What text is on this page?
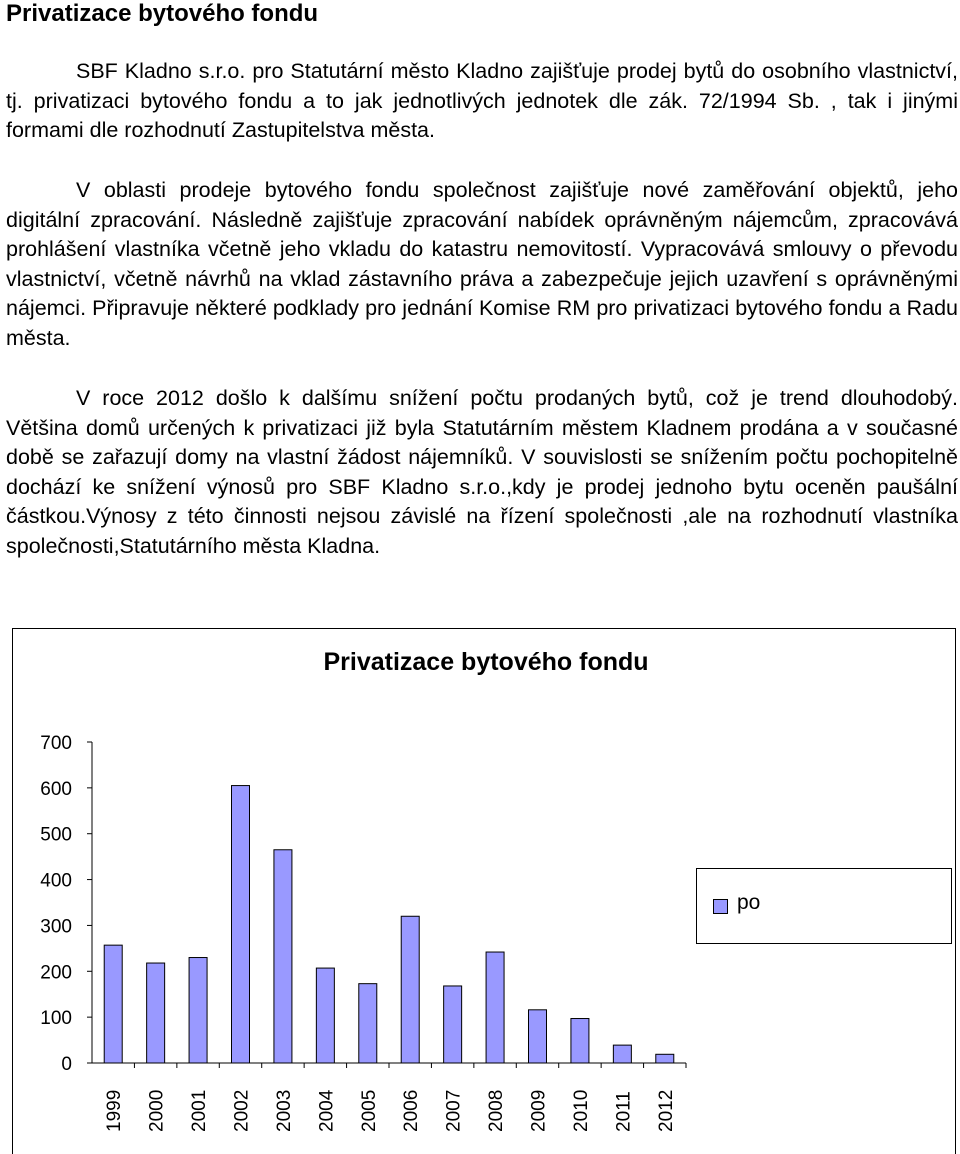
Privatizace bytového fondu

SBF Kladno s.r.o. pro Statutární město Kladno zajišťuje prodej bytů do osobního vlastnictví, tj. privatizaci bytového fondu a to jak jednotlivých jednotek dle zák. 72/1994 Sb. , tak i jinými formami dle rozhodnutí Zastupitelstva města.

V oblasti prodeje bytového fondu společnost zajišťuje nové zaměřování objektů, jeho digitální zpracování. Následně zajišťuje zpracování nabídek oprávněným nájemcům, zpracovává prohlášení vlastníka včetně jeho vkladu do katastru nemovitostí. Vypracovává smlouvy o převodu vlastnictví, včetně návrhů na vklad zástavního práva a zabezpečuje jejich uzavření s oprávněnými nájemci. Připravuje některé podklady pro jednání Komise RM pro privatizaci bytového fondu a Radu města.

V roce 2012 došlo k dalšímu snížení počtu prodaných bytů, což je trend dlouhodobý. Většina domů určených k privatizaci již byla Statutárním městem Kladnem prodána a v současné době se zařazují domy na vlastní žádost nájemníků. V souvislosti se snížením počtu pochopitelně dochází ke snížení výnosů pro SBF Kladno s.r.o.,kdy je prodej jednoho bytu oceněn paušální částkou.Výnosy z této činnosti nejsou závislé na řízení společnosti ,ale na rozhodnutí vlastníka společnosti,Statutárního města Kladna.

Privatizace bytového fondu
0
100
200
300
400
500
600
700
1999 2000 2001 2002 2003 2004 2005 2006 2007 2008 2009 2010 2011 2012
po
